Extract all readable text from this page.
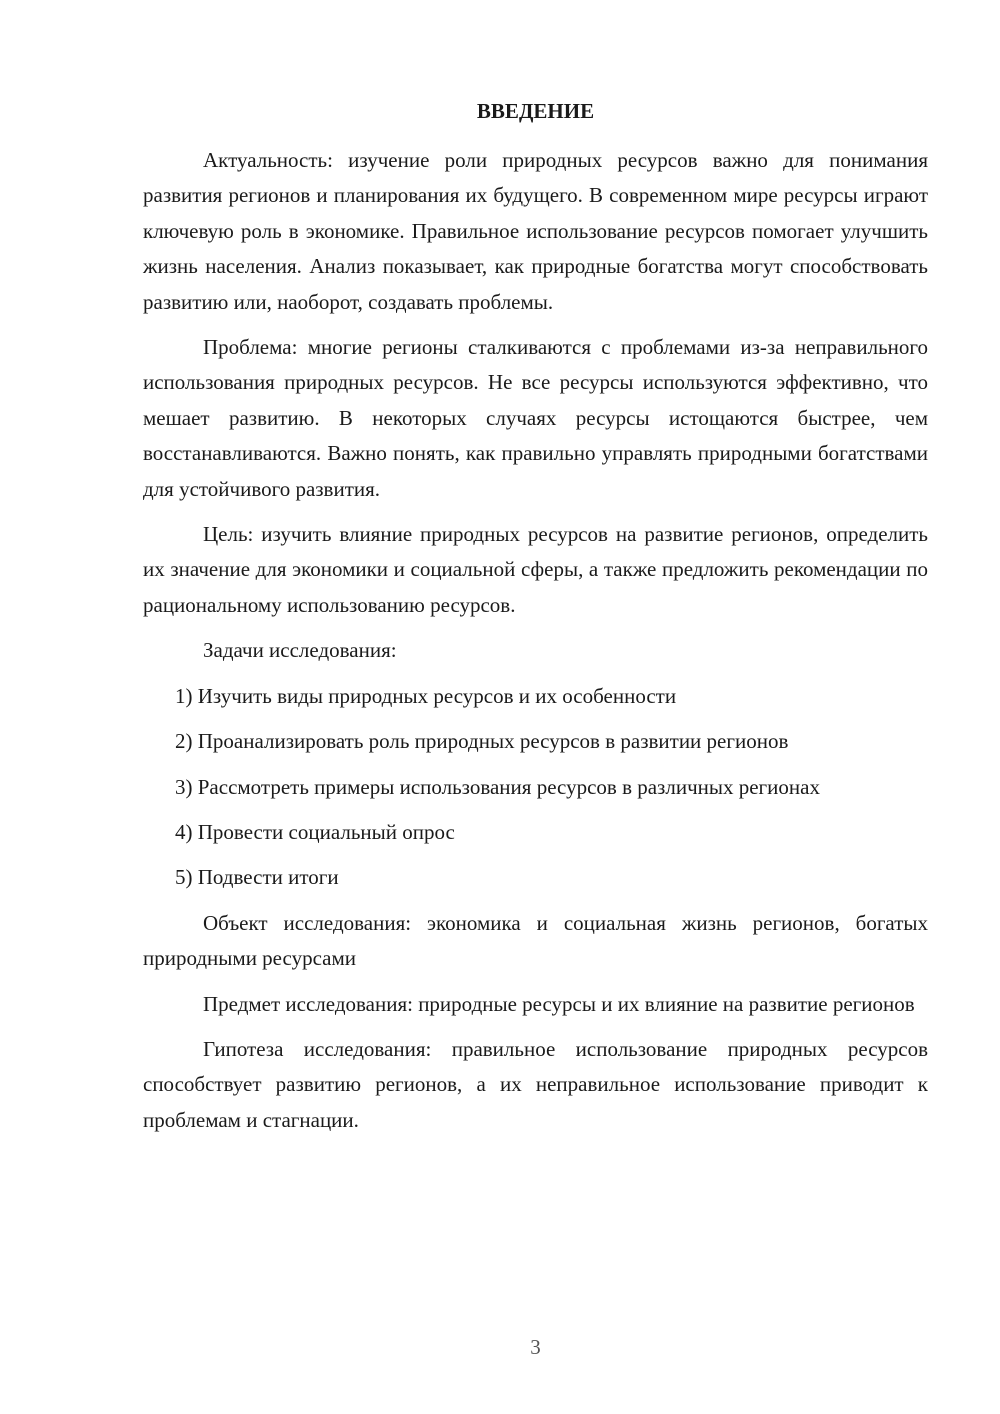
ВВЕДЕНИЕ

Актуальность: изучение роли природных ресурсов важно для понимания развития регионов и планирования их будущего. В современном мире ресурсы играют ключевую роль в экономике. Правильное использование ресурсов помогает улучшить жизнь населения. Анализ показывает, как природные богатства могут способствовать развитию или, наоборот, создавать проблемы.

Проблема: многие регионы сталкиваются с проблемами из-за неправильного использования природных ресурсов. Не все ресурсы используются эффективно, что мешает развитию. В некоторых случаях ресурсы истощаются быстрее, чем восстанавливаются. Важно понять, как правильно управлять природными богатствами для устойчивого развития.

Цель: изучить влияние природных ресурсов на развитие регионов, определить их значение для экономики и социальной сферы, а также предложить рекомендации по рациональному использованию ресурсов.

Задачи исследования:

1) Изучить виды природных ресурсов и их особенности

2) Проанализировать роль природных ресурсов в развитии регионов

3) Рассмотреть примеры использования ресурсов в различных регионах

4) Провести социальный опрос

5) Подвести итоги

Объект исследования: экономика и социальная жизнь регионов, богатых природными ресурсами

Предмет исследования: природные ресурсы и их влияние на развитие регионов

Гипотеза исследования: правильное использование природных ресурсов способствует развитию регионов, а их неправильное использование приводит к проблемам и стагнации.

3
